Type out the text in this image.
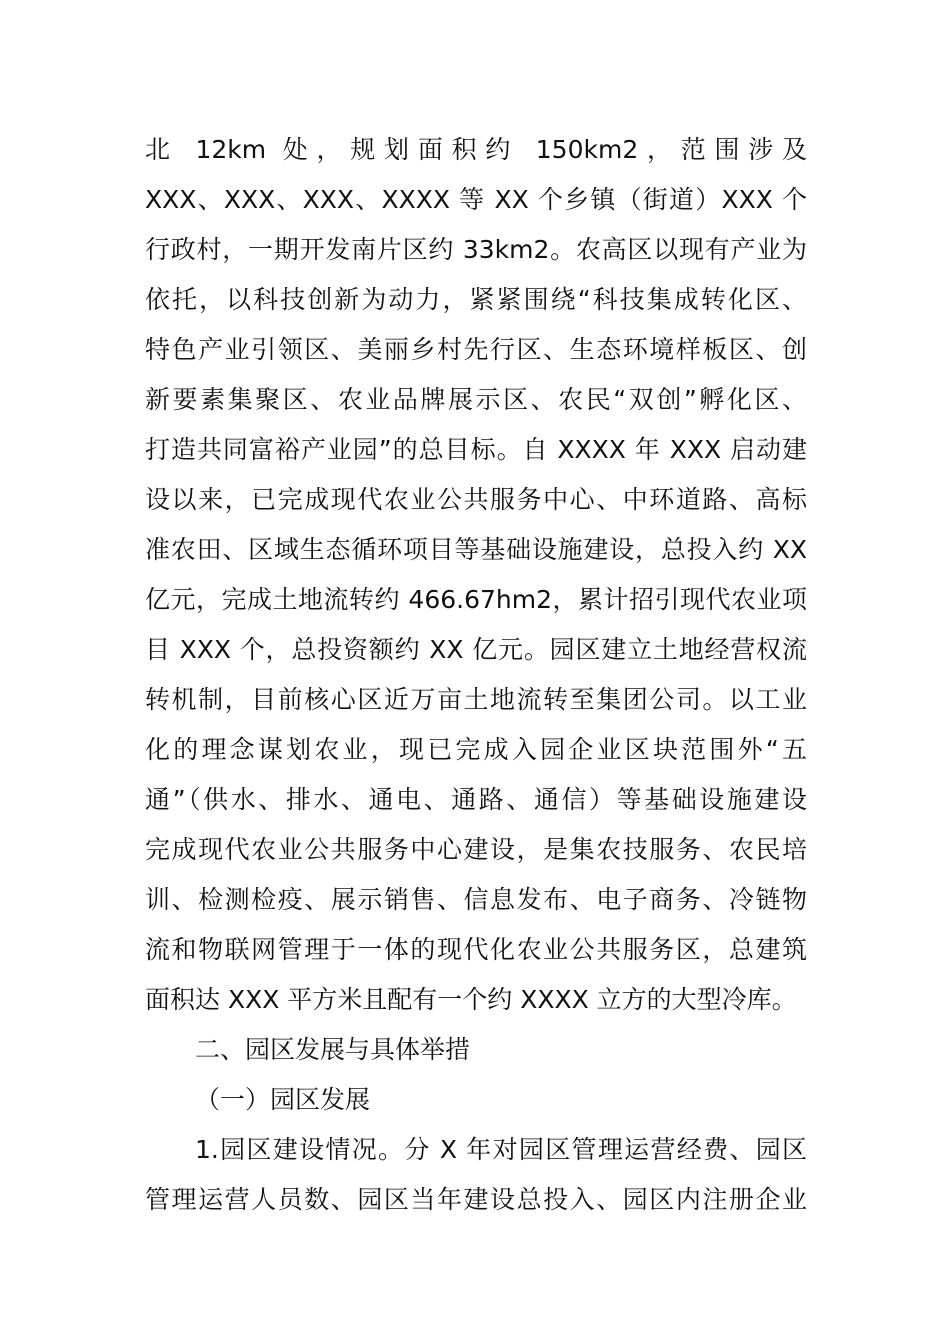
北 12km 处，规划面积约 150km2，范围涉及
XXX、XXX、XXX、XXXX 等 XX 个乡镇（街道）XXX 个
行政村，一期开发南片区约 33km2。农高区以现有产业为
依托，以科技创新为动力，紧紧围绕“科技集成转化区、
特色产业引领区、美丽乡村先行区、生态环境样板区、创
新要素集聚区、农业品牌展示区、农民“双创”孵化区、
打造共同富裕产业园”的总目标。自 XXXX 年 XXX 启动建
设以来，已完成现代农业公共服务中心、中环道路、高标
准农田、区域生态循环项目等基础设施建设，总投入约 XX
亿元，完成土地流转约 466.67hm2，累计招引现代农业项
目 XXX 个，总投资额约 XX 亿元。园区建立土地经营权流
转机制，目前核心区近万亩土地流转至集团公司。以工业
化的理念谋划农业，现已完成入园企业区块范围外“五
通”（供水、排水、通电、通路、通信）等基础设施建设
完成现代农业公共服务中心建设，是集农技服务、农民培
训、检测检疫、展示销售、信息发布、电子商务、冷链物
流和物联网管理于一体的现代化农业公共服务区，总建筑
面积达 XXX 平方米且配有一个约 XXXX 立方的大型冷库。
二、园区发展与具体举措
（一）园区发展
1.园区建设情况。分 X 年对园区管理运营经费、园区
管理运营人员数、园区当年建设总投入、园区内注册企业
